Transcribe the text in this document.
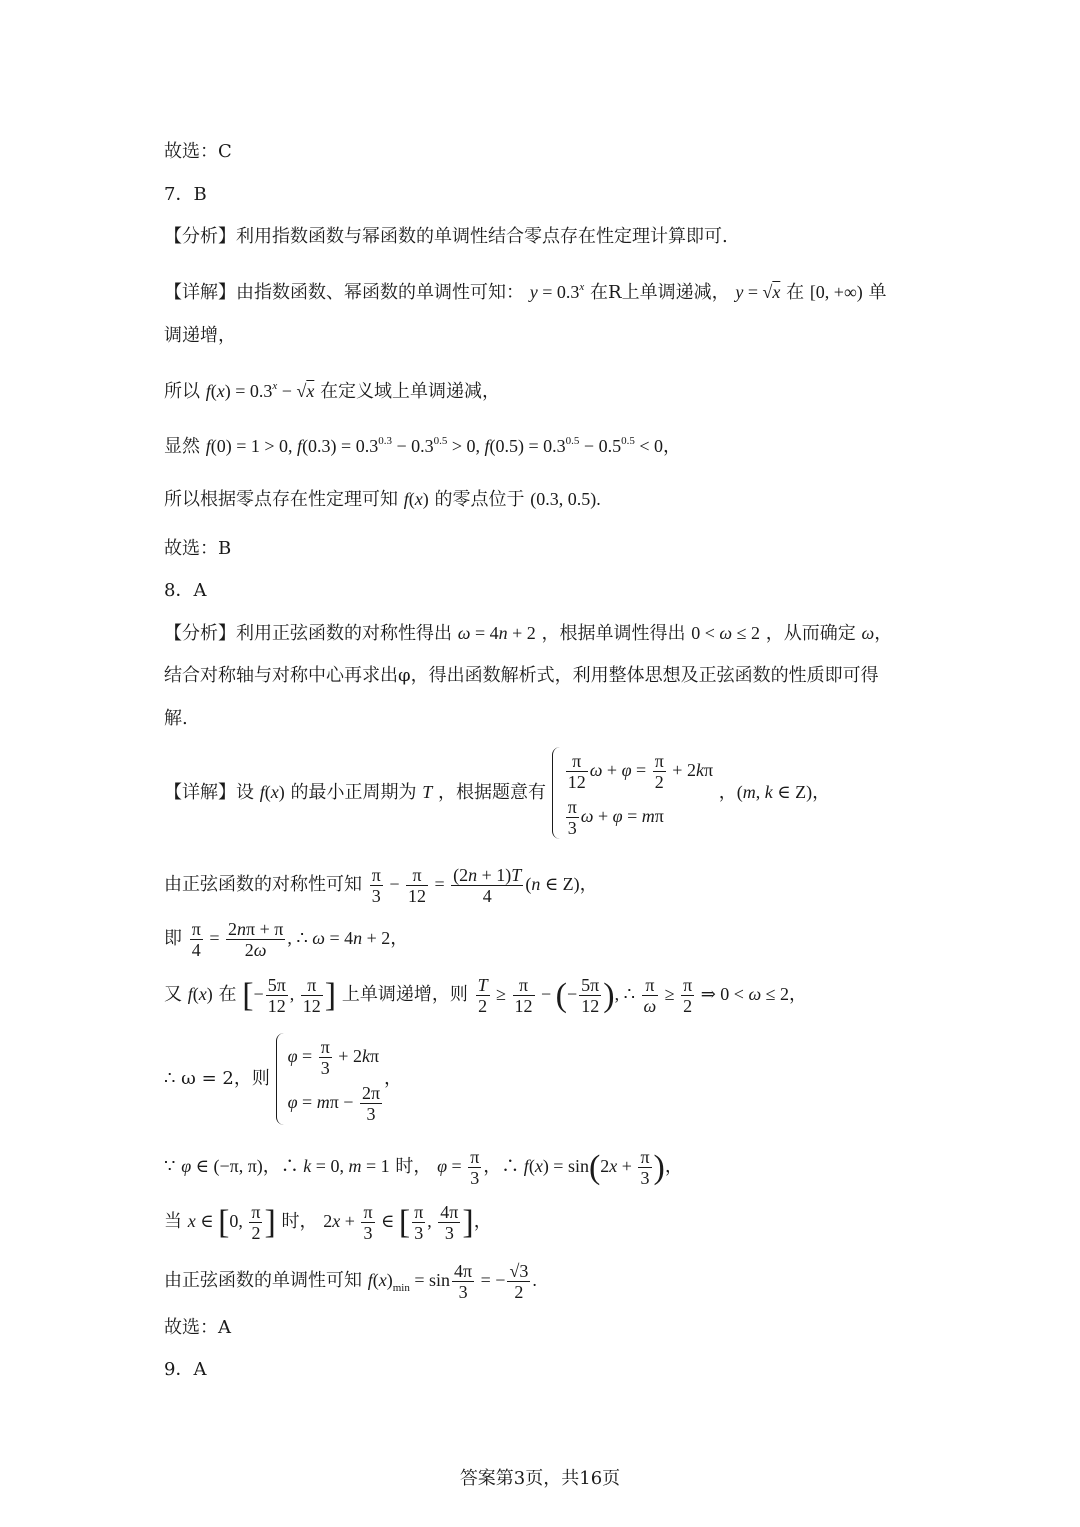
故选：C
7．B
【分析】利用指数函数与幂函数的单调性结合零点存在性定理计算即可.
【详解】由指数函数、幂函数的单调性可知： $y = 0.3^x$ 在R上单调递减， y = √x 在 [0, +∞) 单
调递增，
所以 $f(x) = 0.3^x - √x$ 在定义域上单调递减，
显然 f(0) = 1 > 0, $f(0.3) = 0.3^{0.3} - 0.3^{0.5} > 0$, $f(0.5) = 0.3^{0.5} - 0.5^{0.5} < 0$，
所以根据零点存在性定理可知 f(x) 的零点位于 (0.3, 0.5).
故选：B
8．A
【分析】利用正弦函数的对称性得出 ω = 4n + 2 ，根据单调性得出 0 < ω ≤ 2 ，从而确定 ω，
结合对称轴与对称中心再求出φ，得出函数解析式，利用整体思想及正弦函数的性质即可得
解.
【详解】设 f(x) 的最小正周期为 T ，根据题意有
$\frac{\pi}{12}$ $\omega + \varphi = \frac{\pi}{2} + 2k\pi$
$\frac{\pi}{3}$ ω + φ = mπ
，(m, k ∈ Z)，
由正弦函数的对称性可知 $\frac{\pi}{3} - \frac{\pi}{12} = \frac{(2n + 1)T}{4} (n$ ∈ Z)，
即 $\frac{\pi}{4} = \frac{2n\pi + \pi}{2\omega}$ , ∴ ω = 4n + 2，
又 f(x) 在 [− $\frac{5\pi}{12}$ , $\frac{\pi}{12}$ ] 上单调递增，则 $\frac{T}{2} \ge \frac{\pi}{12}$ − (− $\frac{5\pi}{12}$ ), ∴ $\frac{\pi}{\omega} \ge \frac{\pi}{2}$ ⇒ 0 < ω ≤ 2，
∴ ω = 2，则
$\varphi = \frac{\pi}{3} + 2k\pi$
$\varphi = m\pi - \frac{2\pi}{3}$
，
∵ φ ∈ (−π, π)，∴ k = 0, m = 1 时， $\varphi = \frac{\pi}{3}$ ，∴ $f(x) = \sin(2x + \frac{\pi}{3}$ )，
当 x ∈ [0, $\frac{\pi}{2}$ ] 时， $2x + \frac{\pi}{3}$ ∈ [ $\frac{\pi}{3}$ , $\frac{4\pi}{3}$ ]，
由正弦函数的单调性可知 $f(x)_{min} = \sin \frac{4\pi}{3}$ = − $\frac{√3}{2}$ .
故选：A
9．A
答案第3页，共16页
